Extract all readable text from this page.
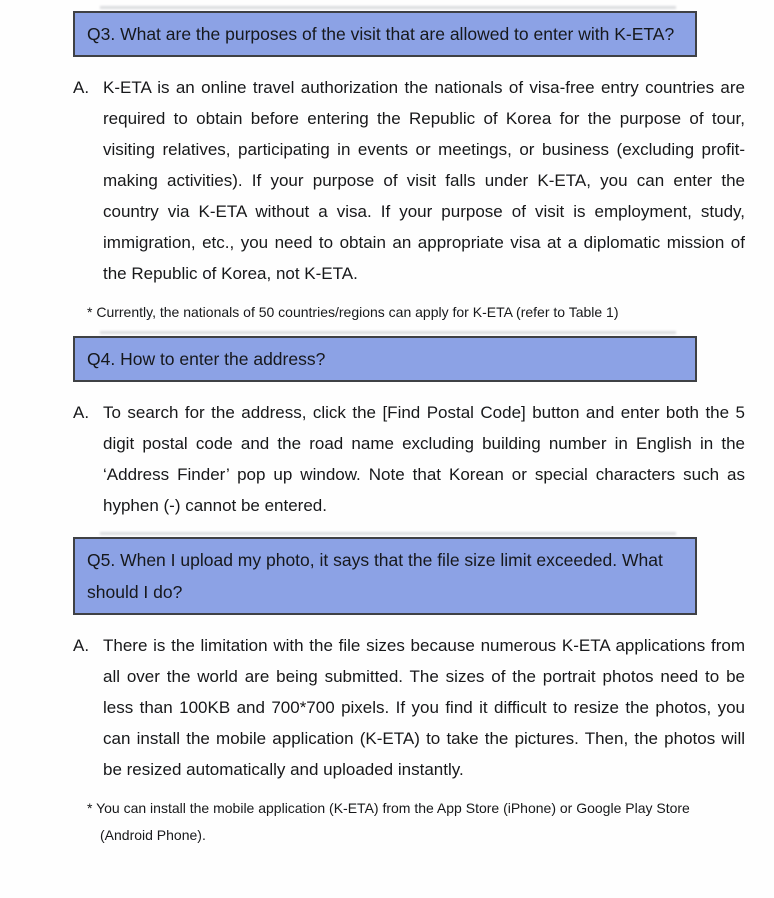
Q3. What are the purposes of the visit that are allowed to enter with K-ETA?
A. K-ETA is an online travel authorization the nationals of visa-free entry countries are required to obtain before entering the Republic of Korea for the purpose of tour, visiting relatives, participating in events or meetings, or business (excluding profit-making activities). If your purpose of visit falls under K-ETA, you can enter the country via K-ETA without a visa. If your purpose of visit is employment, study, immigration, etc., you need to obtain an appropriate visa at a diplomatic mission of the Republic of Korea, not K-ETA.

* Currently, the nationals of 50 countries/regions can apply for K-ETA (refer to Table 1)

Q4. How to enter the address?
A. To search for the address, click the [Find Postal Code] button and enter both the 5 digit postal code and the road name excluding building number in English in the ‘Address Finder’ pop up window. Note that Korean or special characters such as hyphen (-) cannot be entered.

Q5. When I upload my photo, it says that the file size limit exceeded. What should I do?
A. There is the limitation with the file sizes because numerous K-ETA applications from all over the world are being submitted. The sizes of the portrait photos need to be less than 100KB and 700*700 pixels. If you find it difficult to resize the photos, you can install the mobile application (K-ETA) to take the pictures. Then, the photos will be resized automatically and uploaded instantly.

* You can install the mobile application (K-ETA) from the App Store (iPhone) or Google Play Store (Android Phone).
